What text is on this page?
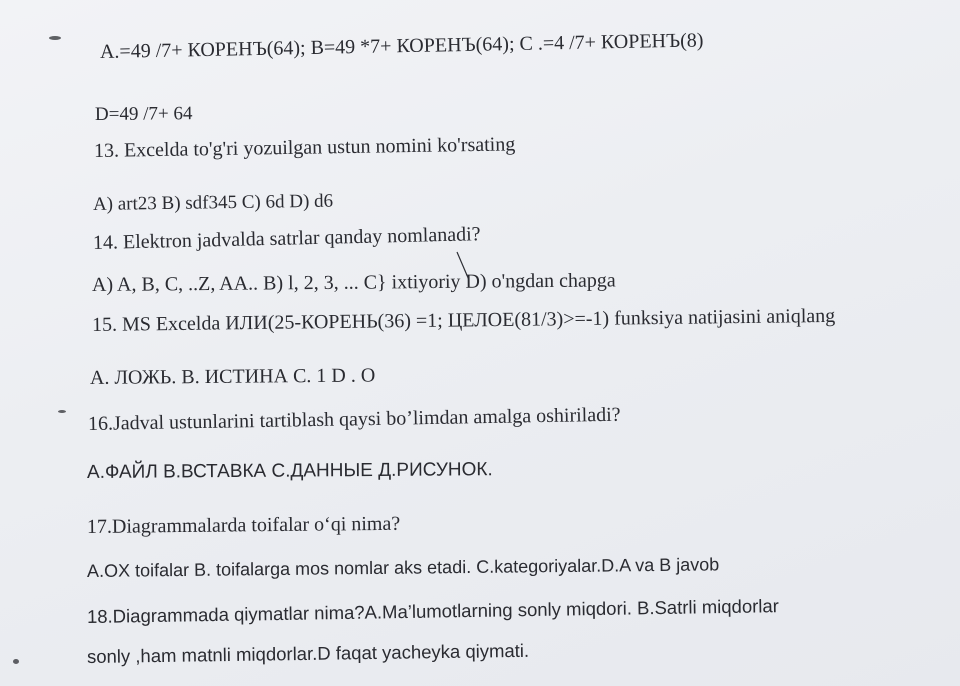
A.=49 /7+ КОРЕНЪ(64); B=49 *7+ КОРЕНЪ(64); C .=4 /7+ КОРЕНЪ(8)
D=49 /7+ 64
13. Excelda to'g'ri yozuilgan ustun nomini ko'rsating
A) art23 B) sdf345 C) 6d D) d6
14. Elektron jadvalda satrlar qanday nomlanadi?
A) A, B, C, ..Z, AA.. B) l, 2, 3, ... C} ixtiyoriy D) o'ngdan chapga
15. MS Excelda ИЛИ(25-КОРЕНЬ(36) =1; ЦЕЛОЕ(81/3)>=-1) funksiya natijasini aniqlang
A. ЛОЖЬ. B. ИСТИНА C. 1 D . O
16.Jadval ustunlarini tartiblash qaysi bo’limdan amalga oshiriladi?
A.ФАЙЛ B.ВСТАВКА C.ДАННЫЕ Д.РИСУНОК.
17.Diagrammalarda toifalar o‘qi nima?
A.OX toifalar B. toifalarga mos nomlar aks etadi. C.kategoriyalar.D.A va B javob
18.Diagrammada qiymatlar nima?A.Ma’lumotlarning sonly miqdori. B.Satrli miqdorlar
sonly ,ham matnli miqdorlar.D faqat yacheyka qiymati.
